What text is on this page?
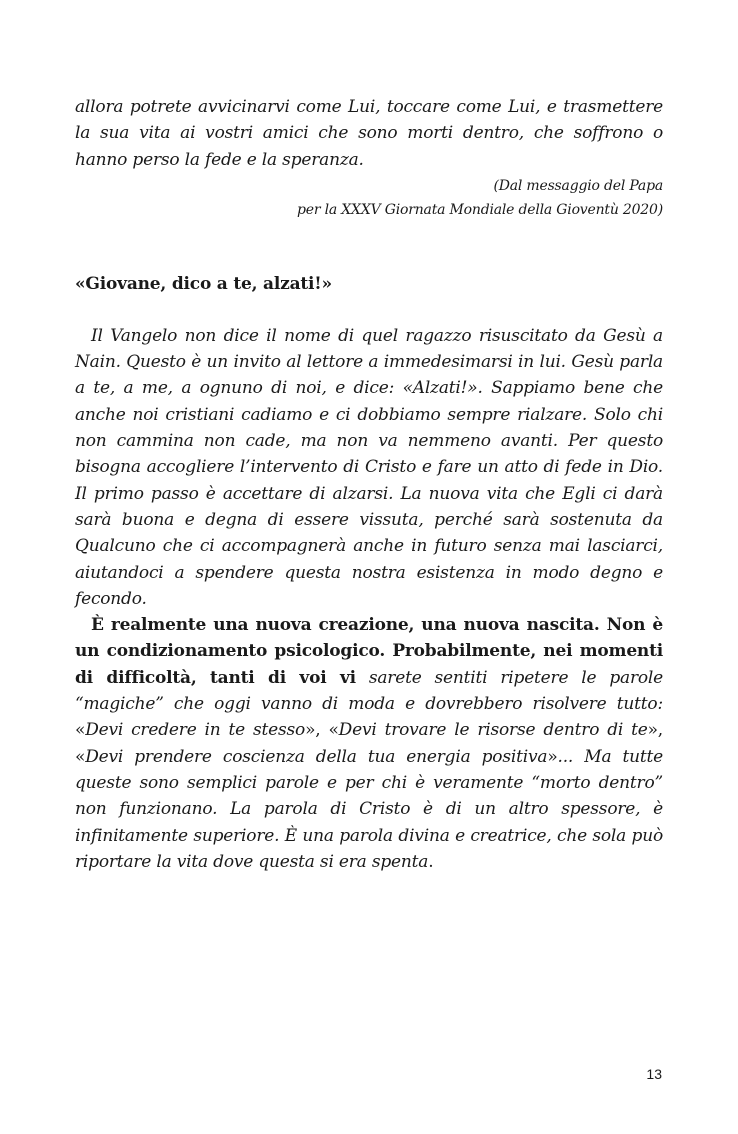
allora potrete avvicinarvi come Lui, toccare come Lui, e trasmettere la sua vita ai vostri amici che sono morti dentro, che soffrono o hanno perso la fede e la speranza.

(Dal messaggio del Papa

per la XXXV Giornata Mondiale della Gioventù 2020)

«Giovane, dico a te, alzati!»

Il Vangelo non dice il nome di quel ragazzo risuscitato da Gesù a Nain. Questo è un invito al lettore a immedesimarsi in lui. Gesù parla a te, a me, a ognuno di noi, e dice: «Alzati!». Sappiamo bene che anche noi cristiani cadiamo e ci dobbiamo sempre rialzare. Solo chi non cammina non cade, ma non va nemmeno avanti. Per questo bisogna accogliere l’intervento di Cristo e fare un atto di fede in Dio. Il primo passo è accettare di alzarsi. La nuova vita che Egli ci darà sarà buona e degna di essere vissuta, perché sarà sostenuta da Qualcuno che ci accompagnerà anche in futuro senza mai lasciarci, aiutandoci a spendere questa nostra esistenza in modo degno e fecondo.

È realmente una nuova creazione, una nuova nascita. Non è un condizionamento psicologico. Probabilmente, nei momenti di difficoltà, tanti di voi vi sarete sentiti ripetere le parole “magiche” che oggi vanno di moda e dovrebbero risolvere tutto: «Devi credere in te stesso», «Devi trovare le risorse dentro di te», «Devi prendere coscienza della tua energia positiva»... Ma tutte queste sono semplici parole e per chi è veramente “morto dentro” non funzionano. La parola di Cristo è di un altro spessore, è infinitamente superiore. È una parola divina e creatrice, che sola può riportare la vita dove questa si era spenta.

13
